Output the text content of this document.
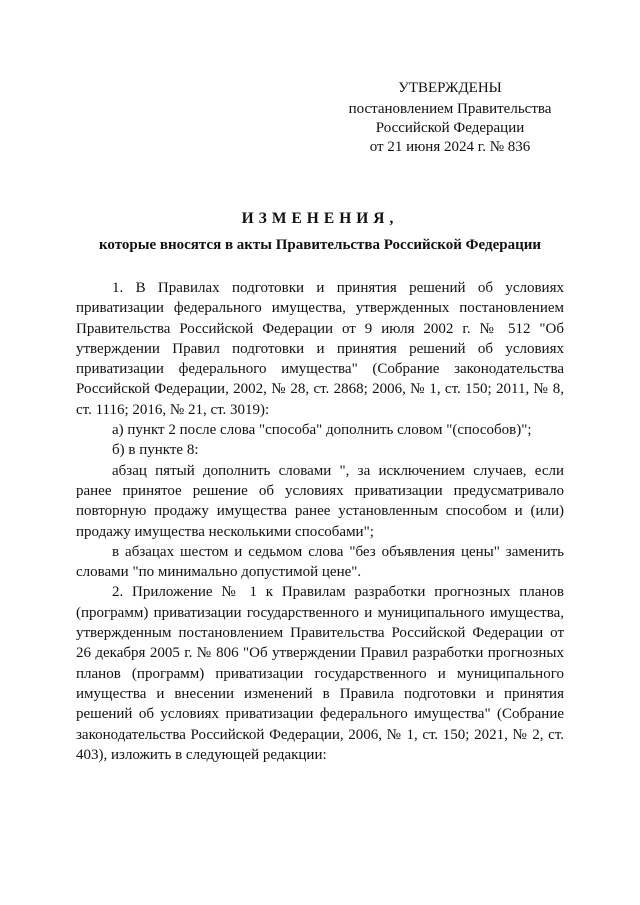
УТВЕРЖДЕНЫ
постановлением Правительства
Российской Федерации
от 21 июня 2024 г. № 836
ИЗМЕНЕНИЯ,
которые вносятся в акты Правительства Российской Федерации

1. В Правилах подготовки и принятия решений об условиях приватизации федерального имущества, утвержденных постановлением Правительства Российской Федерации от 9 июля 2002 г. № 512 "Об утверждении Правил подготовки и принятия решений об условиях приватизации федерального имущества" (Собрание законодательства Российской Федерации, 2002, № 28, ст. 2868; 2006, № 1, ст. 150; 2011, № 8, ст. 1116; 2016, № 21, ст. 3019):

а) пункт 2 после слова "способа" дополнить словом "(способов)";

б) в пункте 8:

абзац пятый дополнить словами ", за исключением случаев, если ранее принятое решение об условиях приватизации предусматривало повторную продажу имущества ранее установленным способом и (или) продажу имущества несколькими способами";

в абзацах шестом и седьмом слова "без объявления цены" заменить словами "по минимально допустимой цене".

2. Приложение № 1 к Правилам разработки прогнозных планов (программ) приватизации государственного и муниципального имущества, утвержденным постановлением Правительства Российской Федерации от 26 декабря 2005 г. № 806 "Об утверждении Правил разработки прогнозных планов (программ) приватизации государственного и муниципального имущества и внесении изменений в Правила подготовки и принятия решений об условиях приватизации федерального имущества" (Собрание законодательства Российской Федерации, 2006, № 1, ст. 150; 2021, № 2, ст. 403), изложить в следующей редакции:
